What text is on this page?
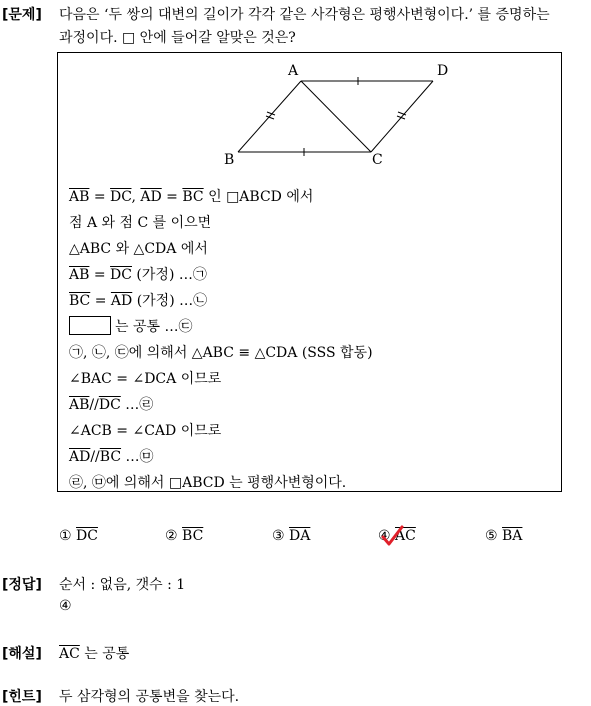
[문제] 다음은 ‘두 쌍의 대변의 길이가 각각 같은 사각형은 평행사변형이다.’ 를 증명하는
과정이다. □ 안에 들어갈 알맞은 것은?
A	D
B	C
$\overline{AB} = \overline{DC}$, $\overline{AD} = \overline{BC}$ 인 □ABCD 에서
점 A 와 점 C 를 이으면
△ABC 와 △CDA 에서
$\overline{AB} = \overline{DC}$ (가정) …㉠
$\overline{BC} = \overline{AD}$ (가정) …㉡
는 공통 …㉢
㉠, ㉡, ㉢에 의해서 △ABC ≡ △CDA (SSS 합동)
∠BAC = ∠DCA 이므로
$\overline{AB}//\overline{DC}$ …㉣
∠ACB = ∠CAD 이므로
$\overline{AD}//\overline{BC}$ …㉤
㉣, ㉤에 의해서 □ABCD 는 평행사변형이다.
① $\overline{DC}$	② $\overline{BC}$	③ $\overline{DA}$	④ $\overline{AC}$	⑤ $\overline{BA}$
[정답] 순서 : 없음, 갯수 : 1
④
[해설] $\overline{AC}$ 는 공통
[힌트] 두 삼각형의 공통변을 찾는다.
